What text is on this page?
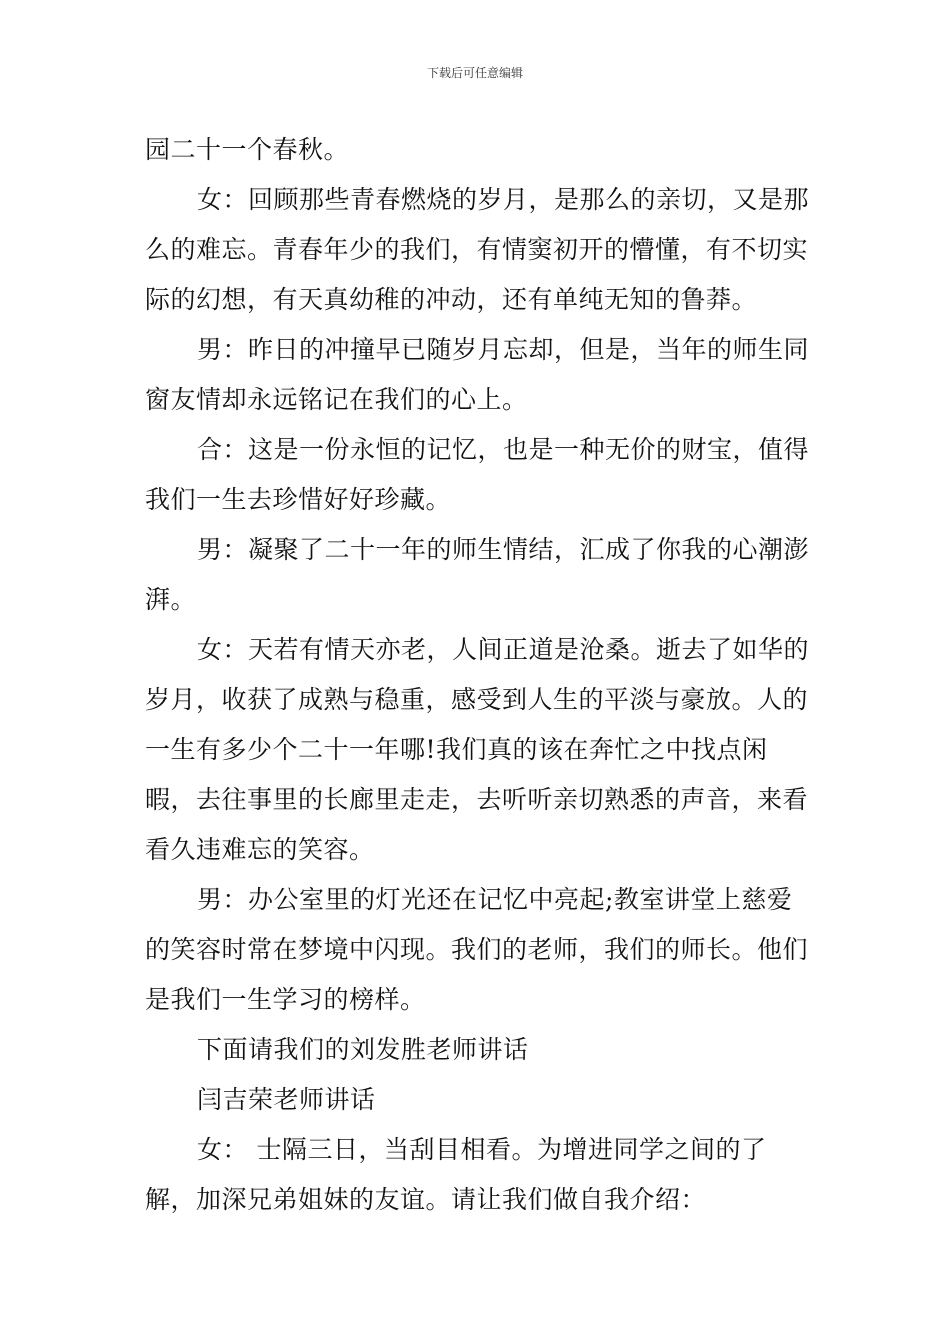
下载后可任意编辑

园二十一个春秋。

女：回顾那些青春燃烧的岁月，是那么的亲切，又是那么的难忘。青春年少的我们，有情窦初开的懵懂，有不切实际的幻想，有天真幼稚的冲动，还有单纯无知的鲁莽。

男：昨日的冲撞早已随岁月忘却，但是，当年的师生同窗友情却永远铭记在我们的心上。

合：这是一份永恒的记忆，也是一种无价的财宝，值得我们一生去珍惜好好珍藏。

男：凝聚了二十一年的师生情结，汇成了你我的心潮澎湃。

女：天若有情天亦老，人间正道是沧桑。逝去了如华的岁月，收获了成熟与稳重，感受到人生的平淡与豪放。人的一生有多少个二十一年哪!我们真的该在奔忙之中找点闲暇，去往事里的长廊里走走，去听听亲切熟悉的声音，来看看久违难忘的笑容。

男：办公室里的灯光还在记忆中亮起;教室讲堂上慈爱的笑容时常在梦境中闪现。我们的老师，我们的师长。他们是我们一生学习的榜样。

下面请我们的刘发胜老师讲话

闫吉荣老师讲话

女： 士隔三日，当刮目相看。为增进同学之间的了解，加深兄弟姐妹的友谊。请让我们做自我介绍：
